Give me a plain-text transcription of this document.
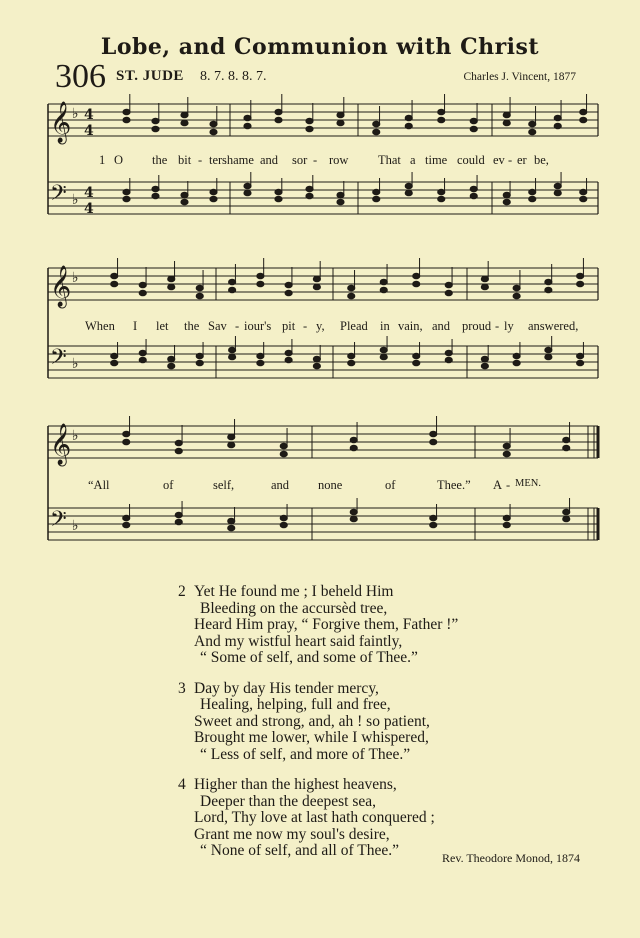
Lobe, and Communion with Christ
306 ST. JUDE 8. 7. 8. 8. 7.	Charles J. Vincent, 1877
𝄞 ♭ 4
4
𝄢 ♭ 4
4
𝄞 ♭
𝄢 ♭
𝄞 ♭
𝄢 ♭
1 O the bit - ter shame and sor - row That a time could ev - er be,
When I let the Sav - iour's pit - y, Plead in vain, and proud - ly answered,
“All	of	self,	and none	of	Thee.” A - MEN.
2 Yet He found me ; I beheld Him
Bleeding on the accursèd tree,
Heard Him pray, “ Forgive them, Father !”
And my wistful heart said faintly,
“ Some of self, and some of Thee.”
3 Day by day His tender mercy,
Healing, helping, full and free,
Sweet and strong, and, ah ! so patient,
Brought me lower, while I whispered,
“ Less of self, and more of Thee.”
4 Higher than the highest heavens,
Deeper than the deepest sea,
Lord, Thy love at last hath conquered ;
Grant me now my soul's desire,
“ None of self, and all of Thee.”	Rev. Theodore Monod, 1874
